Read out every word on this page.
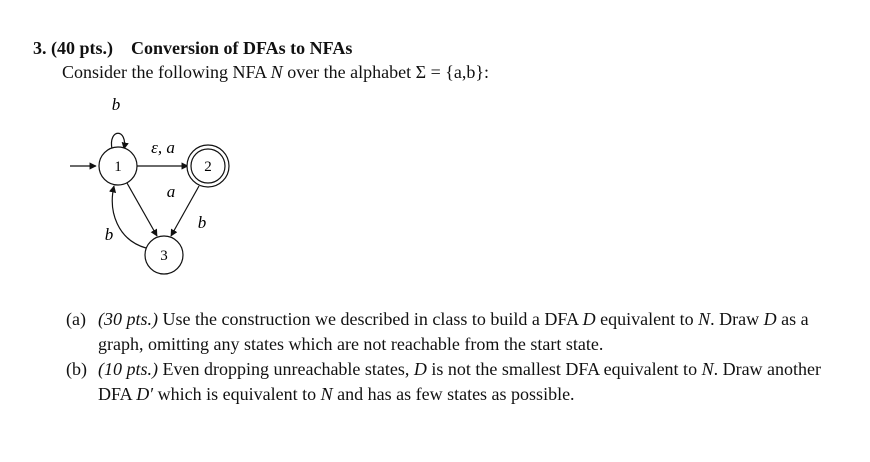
3. (40 pts.) Conversion of DFAs to NFAs
Consider the following NFA N over the alphabet Σ = {a,b}:
b
ε, a
a
b
b
1	2
3
(a) (30 pts.) Use the construction we described in class to build a DFA D equivalent to N. Draw D as a graph, omitting any states which are not reachable from the start state.
(b) (10 pts.) Even dropping unreachable states, D is not the smallest DFA equivalent to N. Draw another DFA D′ which is equivalent to N and has as few states as possible.
